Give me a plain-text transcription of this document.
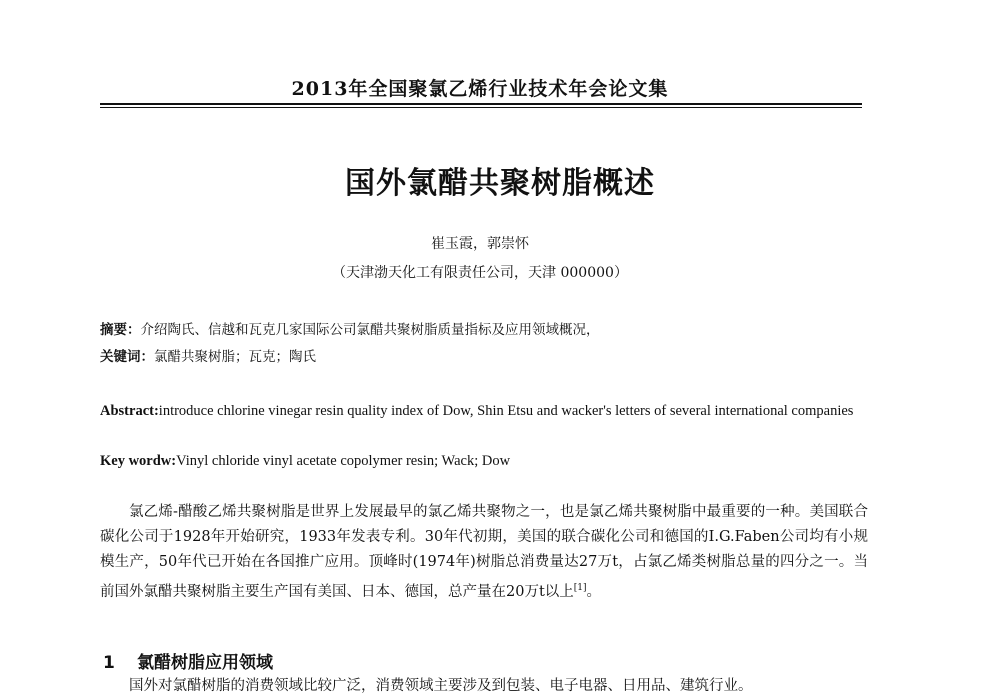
2013年全国聚氯乙烯行业技术年会论文集
国外氯醋共聚树脂概述
崔玉霞，郭崇怀
（天津渤天化工有限责任公司，天津 000000）
摘要：介绍陶氏、信越和瓦克几家国际公司氯醋共聚树脂质量指标及应用领域概况，
关键词：氯醋共聚树脂；瓦克；陶氏
Abstract:introduce chlorine vinegar resin quality index of Dow, Shin Etsu and wacker's letters of several international companies
Key wordw:Vinyl chloride vinyl acetate copolymer resin; Wack; Dow
氯乙烯-醋酸乙烯共聚树脂是世界上发展最早的氯乙烯共聚物之一，也是氯乙烯共聚树脂中最重要的一种。美国联合碳化公司于1928年开始研究，1933年发表专利。30年代初期，美国的联合碳化公司和德国的I.G.Faben公司均有小规模生产，50年代已开始在各国推广应用。顶峰时(1974年)树脂总消费量达27万t，占氯乙烯类树脂总量的四分之一。当前国外氯醋共聚树脂主要生产国有美国、日本、德国，总产量在20万t以上[1]。
1 氯醋树脂应用领域
国外对氯醋树脂的消费领域比较广泛，消费领域主要涉及到包装、电子电器、日用品、建筑行业。
